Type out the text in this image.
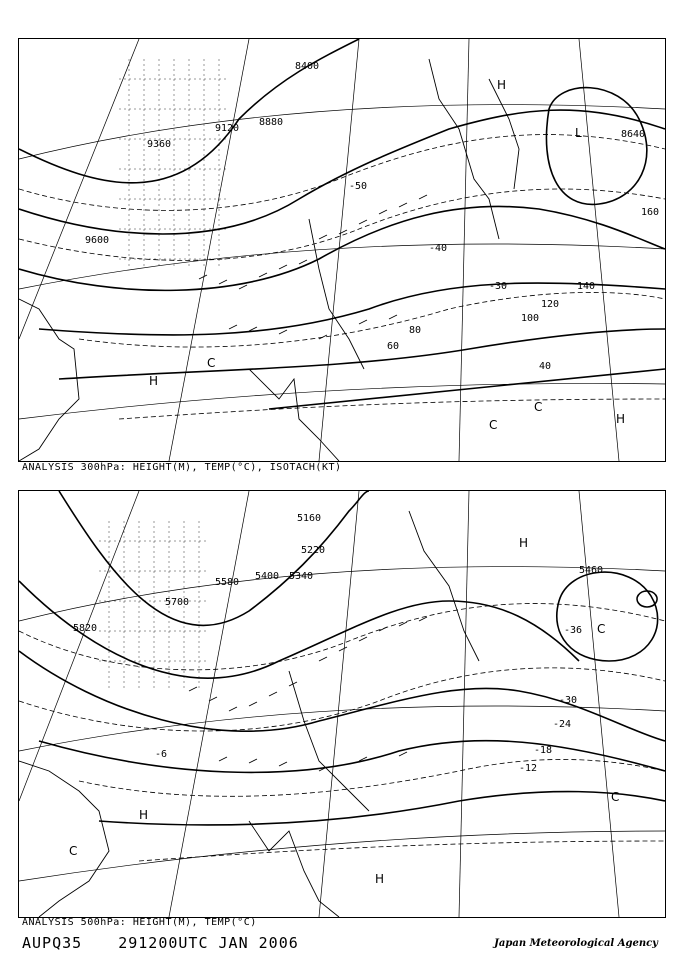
8400
8640
8880
9120
9360
9600
40
60
80
100
120
140
160
-30
-40
-50
H
H
H
L
C
C
C
ANALYSIS 300hPa: HEIGHT(M), TEMP(°C), ISOTACH(KT)
5160
5220
5340
5400
5460
5580
5700
5820
-6
-12
-18
-24
-30
-36
H
H
H
C
C
C
ANALYSIS 500hPa: HEIGHT(M), TEMP(°C)
AUPQ35 291200UTC JAN 2006	Japan Meteorological Agency
